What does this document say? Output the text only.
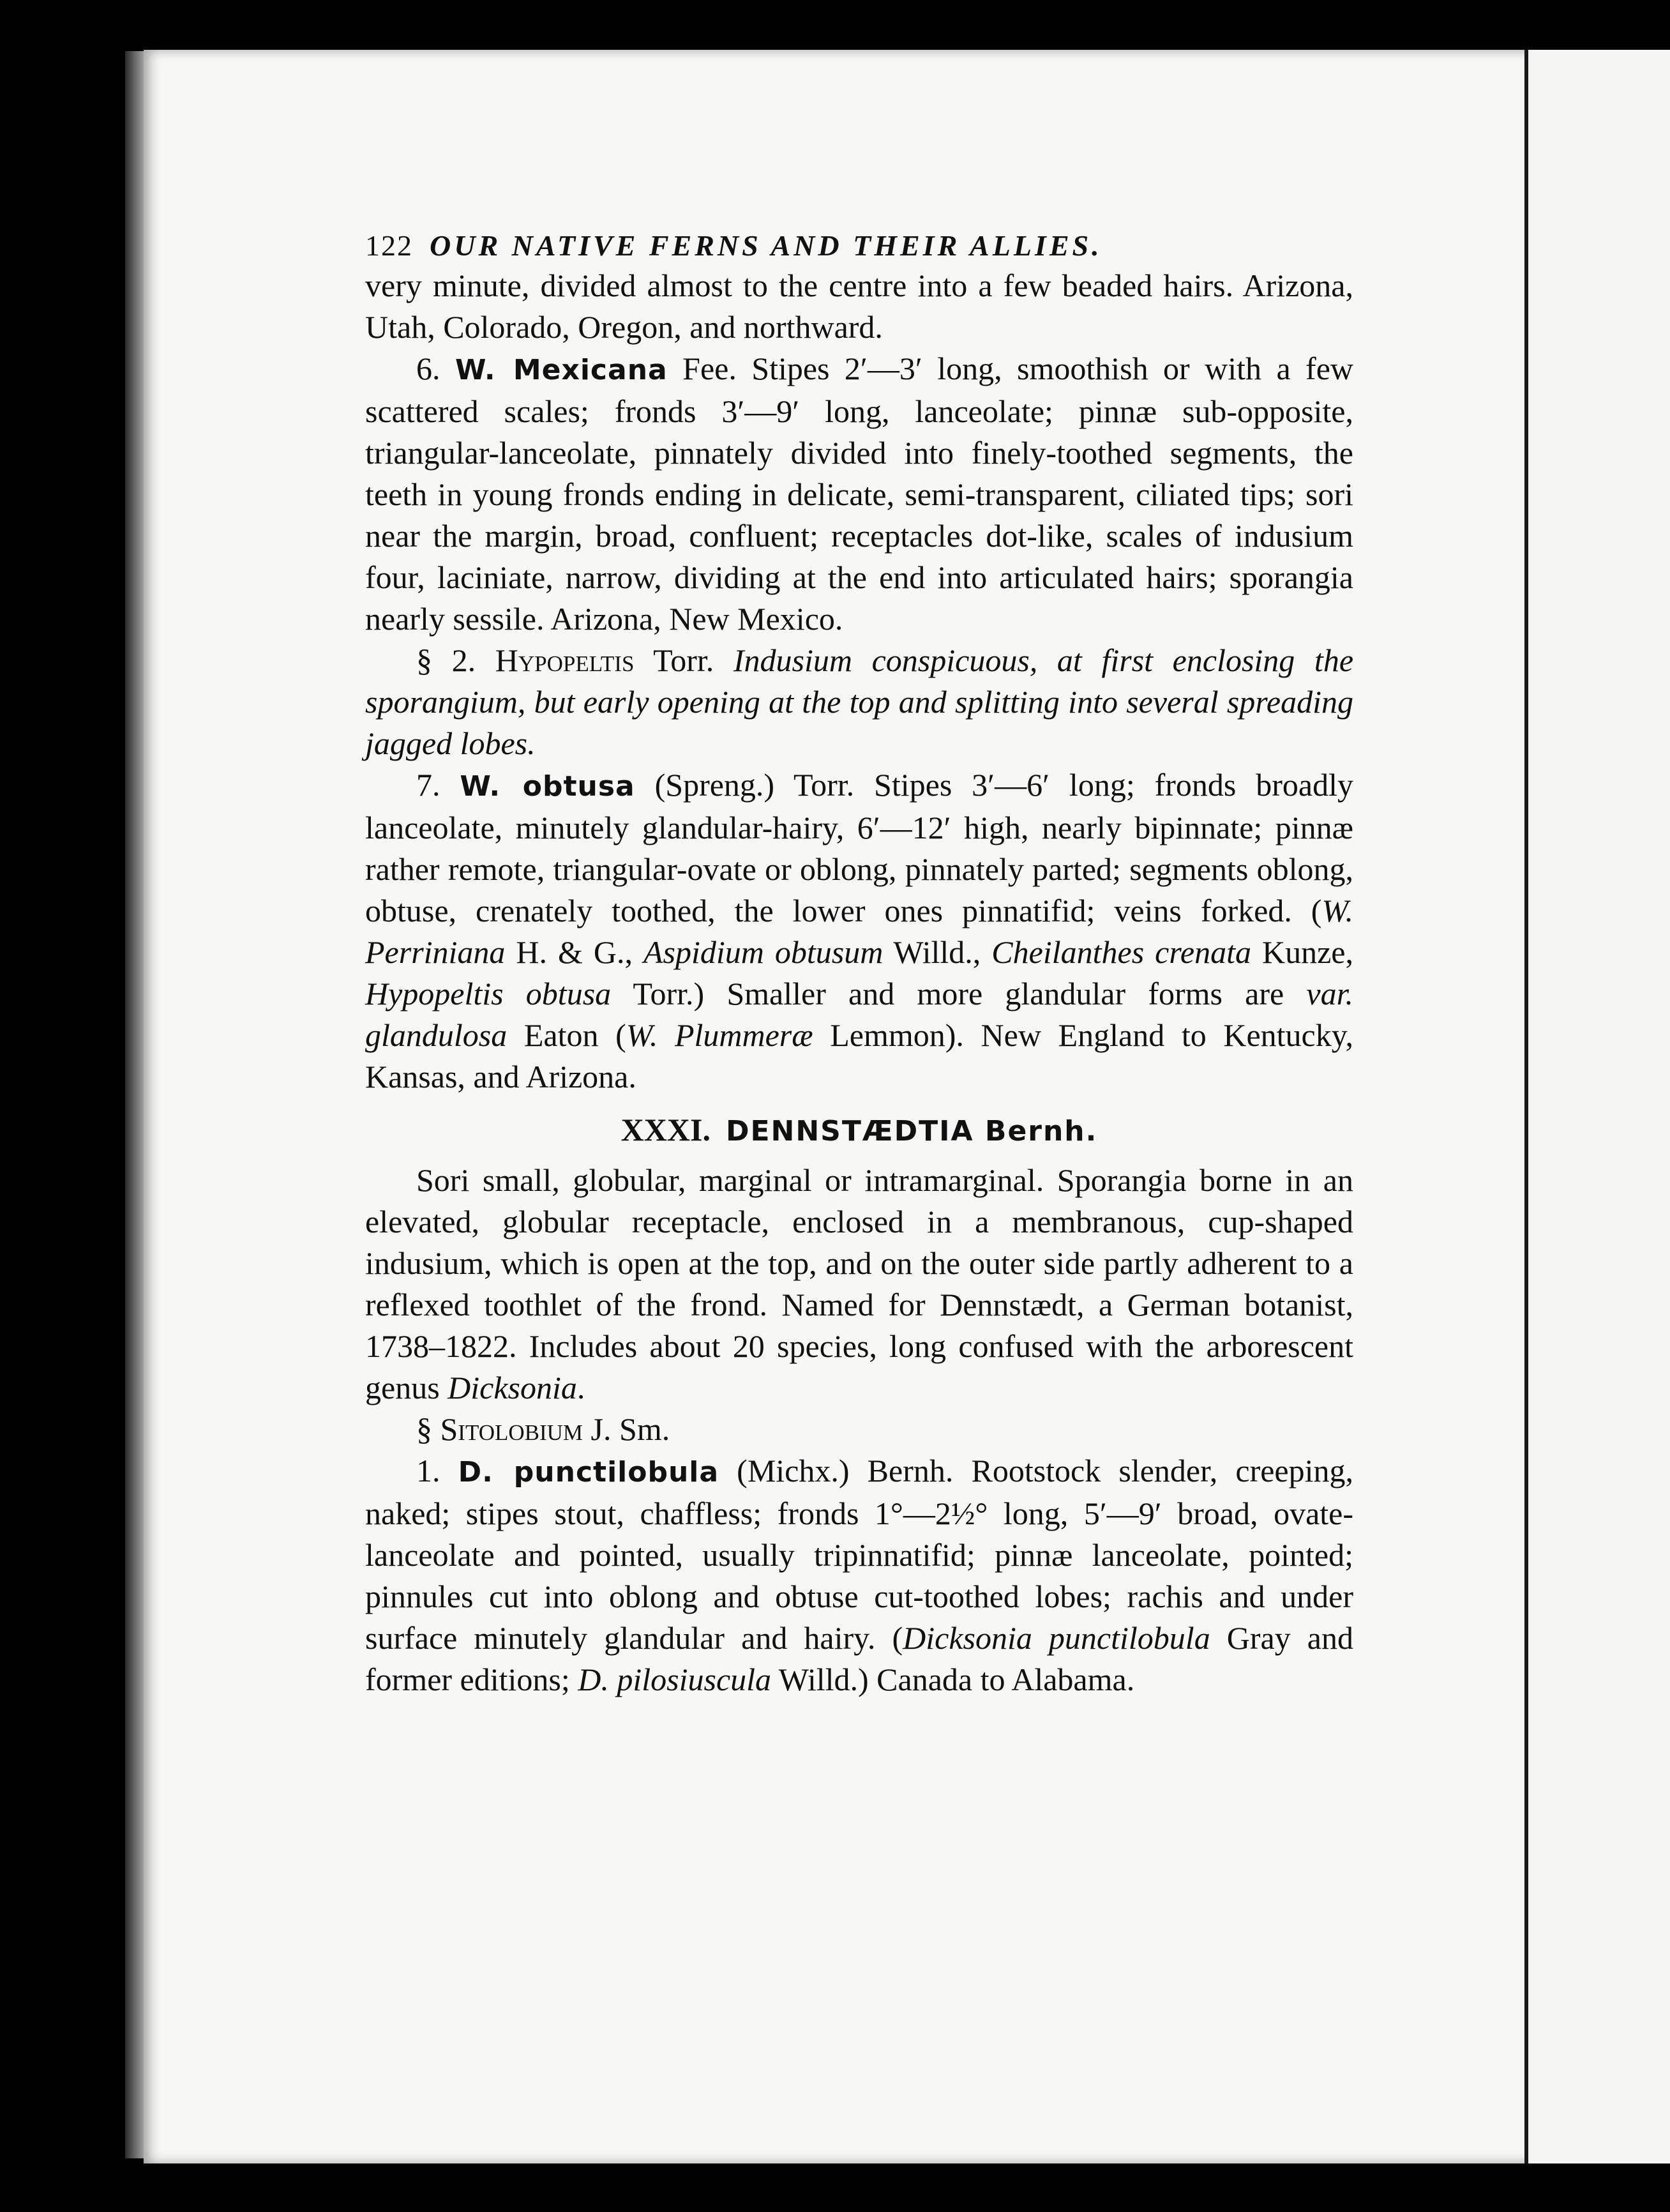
122 OUR NATIVE FERNS AND THEIR ALLIES.

very minute, divided almost to the centre into a few beaded hairs. Arizona, Utah, Colorado, Oregon, and northward.

6. W. Mexicana Fee. Stipes 2′—3′ long, smoothish or with a few scattered scales; fronds 3′—9′ long, lanceolate; pinnæ sub-opposite, triangular-lanceolate, pinnately divided into finely-toothed segments, the teeth in young fronds ending in delicate, semi-transparent, ciliated tips; sori near the margin, broad, confluent; receptacles dot-like, scales of indusium four, laciniate, narrow, dividing at the end into articulated hairs; sporangia nearly sessile. Arizona, New Mexico.

§ 2. Hypopeltis Torr. Indusium conspicuous, at first enclosing the sporangium, but early opening at the top and splitting into several spreading jagged lobes.

7. W. obtusa (Spreng.) Torr. Stipes 3′—6′ long; fronds broadly lanceolate, minutely glandular-hairy, 6′—12′ high, nearly bipinnate; pinnæ rather remote, triangular-ovate or oblong, pinnately parted; segments oblong, obtuse, crenately toothed, the lower ones pinnatifid; veins forked. (W. Perriniana H. & G., Aspidium obtusum Willd., Cheilanthes crenata Kunze, Hypopeltis obtusa Torr.) Smaller and more glandular forms are var. glandulosa Eaton (W. Plummeræ Lemmon). New England to Kentucky, Kansas, and Arizona.

XXXI. DENNSTÆDTIA Bernh.

Sori small, globular, marginal or intramarginal. Sporangia borne in an elevated, globular receptacle, enclosed in a membranous, cup-shaped indusium, which is open at the top, and on the outer side partly adherent to a reflexed toothlet of the frond. Named for Dennstædt, a German botanist, 1738–1822. Includes about 20 species, long confused with the arborescent genus Dicksonia.

§ Sitolobium J. Sm.

1. D. punctilobula (Michx.) Bernh. Rootstock slender, creeping, naked; stipes stout, chaffless; fronds 1°—2½° long, 5′—9′ broad, ovate-lanceolate and pointed, usually tripinnatifid; pinnæ lanceolate, pointed; pinnules cut into oblong and obtuse cut-toothed lobes; rachis and under surface minutely glandular and hairy. (Dicksonia punctilobula Gray and former editions; D. pilosiuscula Willd.) Canada to Alabama.
